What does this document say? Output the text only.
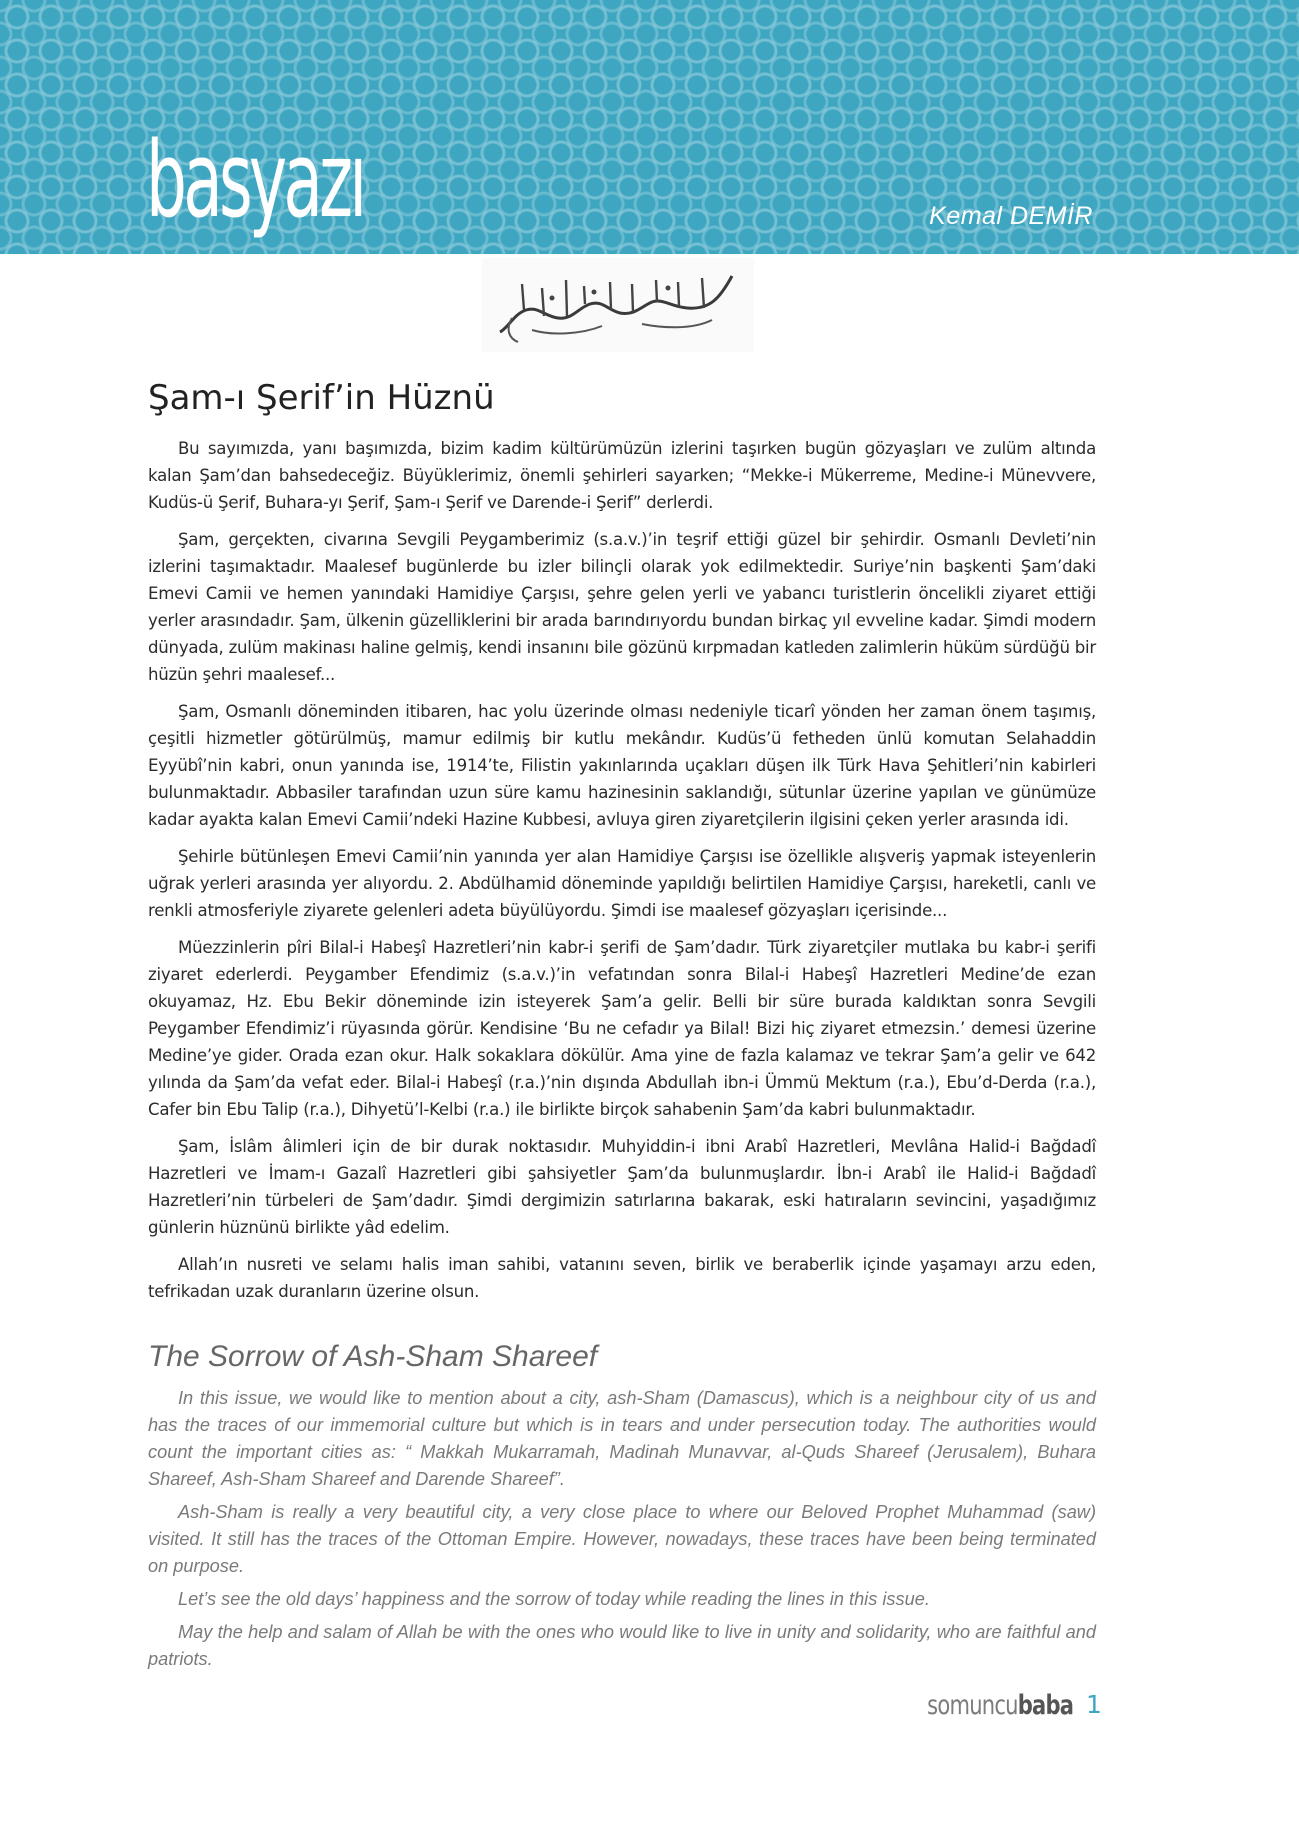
basyazı	Kemal DEMİR
Şam-ı Şerif’in Hüznü

Bu sayımızda, yanı başımızda, bizim kadim kültürümüzün izlerini taşırken bugün gözyaşları ve zulüm altında kalan Şam’dan bahsedeceğiz. Büyüklerimiz, önemli şehirleri sayarken; “Mekke-i Mükerreme, Medine-i Münevvere, Kudüs-ü Şerif, Buhara-yı Şerif, Şam-ı Şerif ve Darende-i Şerif” derlerdi.

Şam, gerçekten, civarına Sevgili Peygamberimiz (s.a.v.)’in teşrif ettiği güzel bir şehirdir. Osmanlı Devleti’nin izlerini taşımaktadır. Maalesef bugünlerde bu izler bilinçli olarak yok edilmektedir. Suriye’nin başkenti Şam’daki Emevi Camii ve hemen yanındaki Hamidiye Çarşısı, şehre gelen yerli ve yabancı turistlerin öncelikli ziyaret ettiği yerler arasındadır. Şam, ülkenin güzelliklerini bir arada barındırıyordu bundan birkaç yıl evveline kadar. Şimdi modern dünyada, zulüm makinası haline gelmiş, kendi insanını bile gözünü kırpmadan katleden zalimlerin hüküm sürdüğü bir hüzün şehri maalesef...

Şam, Osmanlı döneminden itibaren, hac yolu üzerinde olması nedeniyle ticarî yönden her zaman önem taşımış, çeşitli hizmetler götürülmüş, mamur edilmiş bir kutlu mekândır. Kudüs’ü fetheden ünlü komutan Selahaddin Eyyübî’nin kabri, onun yanında ise, 1914’te, Filistin yakınlarında uçakları düşen ilk Türk Hava Şehitleri’nin kabirleri bulunmaktadır. Abbasiler tarafından uzun süre kamu hazinesinin saklandığı, sütunlar üzerine yapılan ve günümüze kadar ayakta kalan Emevi Camii’ndeki Hazine Kubbesi, avluya giren ziyaretçilerin ilgisini çeken yerler arasında idi.

Şehirle bütünleşen Emevi Camii’nin yanında yer alan Hamidiye Çarşısı ise özellikle alışveriş yapmak isteyenlerin uğrak yerleri arasında yer alıyordu. 2. Abdülhamid döneminde yapıldığı belirtilen Hamidiye Çarşısı, hareketli, canlı ve renkli atmosferiyle ziyarete gelenleri adeta büyülüyordu. Şimdi ise maalesef gözyaşları içerisinde...

Müezzinlerin pîri Bilal-i Habeşî Hazretleri’nin kabr-i şerifi de Şam’dadır. Türk ziyaretçiler mutlaka bu kabr-i şerifi ziyaret ederlerdi. Peygamber Efendimiz (s.a.v.)’in vefatından sonra Bilal-i Habeşî Hazretleri Medine’de ezan okuyamaz, Hz. Ebu Bekir döneminde izin isteyerek Şam’a gelir. Belli bir süre burada kaldıktan sonra Sevgili Peygamber Efendimiz’i rüyasında görür. Kendisine ‘Bu ne cefadır ya Bilal! Bizi hiç ziyaret etmezsin.’ demesi üzerine Medine’ye gider. Orada ezan okur. Halk sokaklara dökülür. Ama yine de fazla kalamaz ve tekrar Şam’a gelir ve 642 yılında da Şam’da vefat eder. Bilal-i Habeşî (r.a.)’nin dışında Abdullah ibn-i Ümmü Mektum (r.a.), Ebu’d-Derda (r.a.), Cafer bin Ebu Talip (r.a.), Dihyetü’l-Kelbi (r.a.) ile birlikte birçok sahabenin Şam’da kabri bulunmaktadır.

Şam, İslâm âlimleri için de bir durak noktasıdır. Muhyiddin-i ibni Arabî Hazretleri, Mevlâna Halid-i Bağdadî Hazretleri ve İmam-ı Gazalî Hazretleri gibi şahsiyetler Şam’da bulunmuşlardır. İbn-i Arabî ile Halid-i Bağdadî Hazretleri’nin türbeleri de Şam’dadır. Şimdi dergimizin satırlarına bakarak, eski hatıraların sevincini, yaşadığımız günlerin hüznünü birlikte yâd edelim.

Allah’ın nusreti ve selamı halis iman sahibi, vatanını seven, birlik ve beraberlik içinde yaşamayı arzu eden, tefrikadan uzak duranların üzerine olsun.

The Sorrow of Ash-Sham Shareef

In this issue, we would like to mention about a city, ash-Sham (Damascus), which is a neighbour city of us and has the traces of our immemorial culture but which is in tears and under persecution today. The authorities would count the important cities as: “ Makkah Mukarramah, Madinah Munavvar, al-Quds Shareef (Jerusalem), Buhara Shareef, Ash-Sham Shareef and Darende Shareef”.

Ash-Sham is really a very beautiful city, a very close place to where our Beloved Prophet Muhammad (saw) visited. It still has the traces of the Ottoman Empire. However, nowadays, these traces have been being terminated on purpose.

Let’s see the old days’ happiness and the sorrow of today while reading the lines in this issue.

May the help and salam of Allah be with the ones who would like to live in unity and solidarity, who are faithful and patriots.

somuncubaba 1
